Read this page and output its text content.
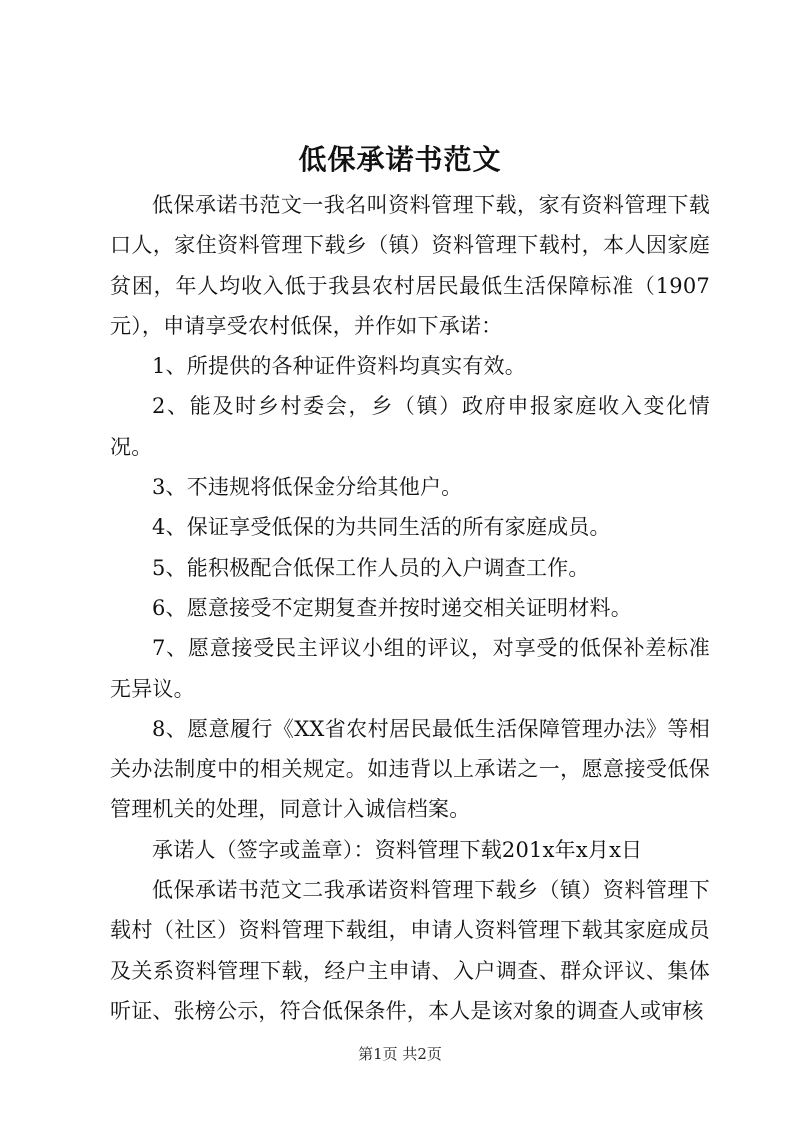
低保承诺书范文

低保承诺书范文一我名叫资料管理下载，家有资料管理下载口人，家住资料管理下载乡（镇）资料管理下载村，本人因家庭贫困，年人均收入低于我县农村居民最低生活保障标准（1907元），申请享受农村低保，并作如下承诺：

1、所提供的各种证件资料均真实有效。

2、能及时乡村委会，乡（镇）政府申报家庭收入变化情况。

3、不违规将低保金分给其他户。

4、保证享受低保的为共同生活的所有家庭成员。

5、能积极配合低保工作人员的入户调查工作。

6、愿意接受不定期复查并按时递交相关证明材料。

7、愿意接受民主评议小组的评议，对享受的低保补差标准无异议。

8、愿意履行《XX省农村居民最低生活保障管理办法》等相关办法制度中的相关规定。如违背以上承诺之一，愿意接受低保管理机关的处理，同意计入诚信档案。

承诺人（签字或盖章）：资料管理下载201x年x月x日

低保承诺书范文二我承诺资料管理下载乡（镇）资料管理下载村（社区）资料管理下载组，申请人资料管理下载其家庭成员及关系资料管理下载，经户主申请、入户调查、群众评议、集体听证、张榜公示，符合低保条件，本人是该对象的调查人或审核

第1页 共2页
